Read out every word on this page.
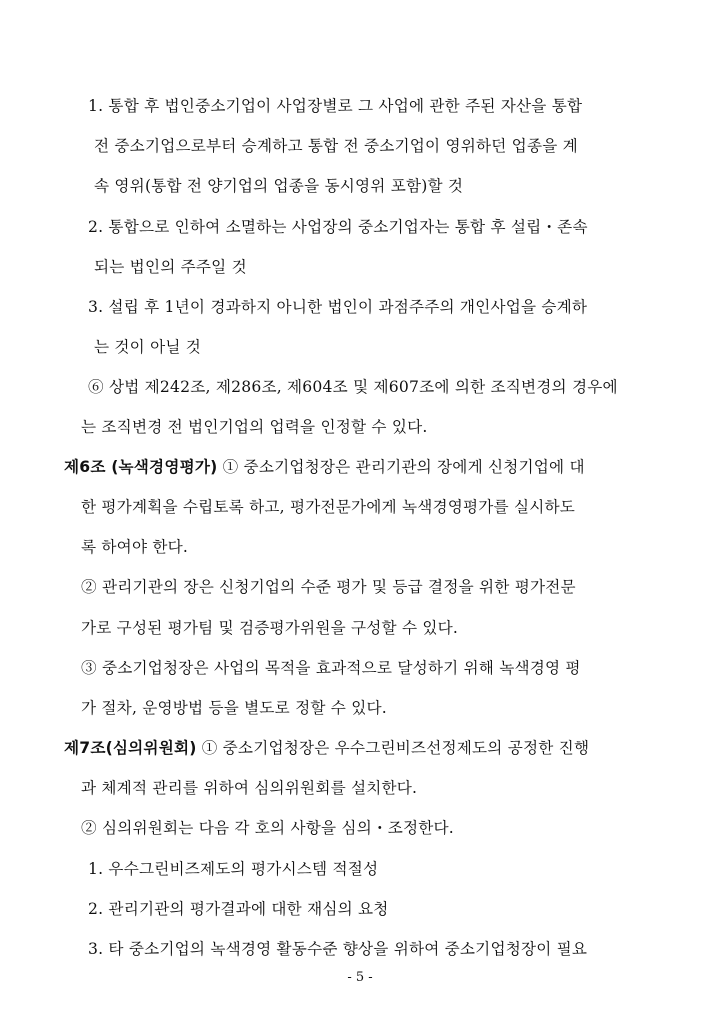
1. 통합 후 법인중소기업이 사업장별로 그 사업에 관한 주된 자산을 통합
전 중소기업으로부터 승계하고 통합 전 중소기업이 영위하던 업종을 계
속 영위(통합 전 양기업의 업종을 동시영위 포함)할 것
2. 통합으로 인하여 소멸하는 사업장의 중소기업자는 통합 후 설립・존속
되는 법인의 주주일 것
3. 설립 후 1년이 경과하지 아니한 법인이 과점주주의 개인사업을 승계하
는 것이 아닐 것
⑥ 상법 제242조, 제286조, 제604조 및 제607조에 의한 조직변경의 경우에
는 조직변경 전 법인기업의 업력을 인정할 수 있다.
제6조 (녹색경영평가) ① 중소기업청장은 관리기관의 장에게 신청기업에 대
한 평가계획을 수립토록 하고, 평가전문가에게 녹색경영평가를 실시하도
록 하여야 한다.
② 관리기관의 장은 신청기업의 수준 평가 및 등급 결정을 위한 평가전문
가로 구성된 평가팀 및 검증평가위원을 구성할 수 있다.
③ 중소기업청장은 사업의 목적을 효과적으로 달성하기 위해 녹색경영 평
가 절차, 운영방법 등을 별도로 정할 수 있다.
제7조(심의위원회) ① 중소기업청장은 우수그린비즈선정제도의 공정한 진행
과 체계적 관리를 위하여 심의위원회를 설치한다.
② 심의위원회는 다음 각 호의 사항을 심의・조정한다.
1. 우수그린비즈제도의 평가시스템 적절성
2. 관리기관의 평가결과에 대한 재심의 요청
3. 타 중소기업의 녹색경영 활동수준 향상을 위하여 중소기업청장이 필요
- 5 -
